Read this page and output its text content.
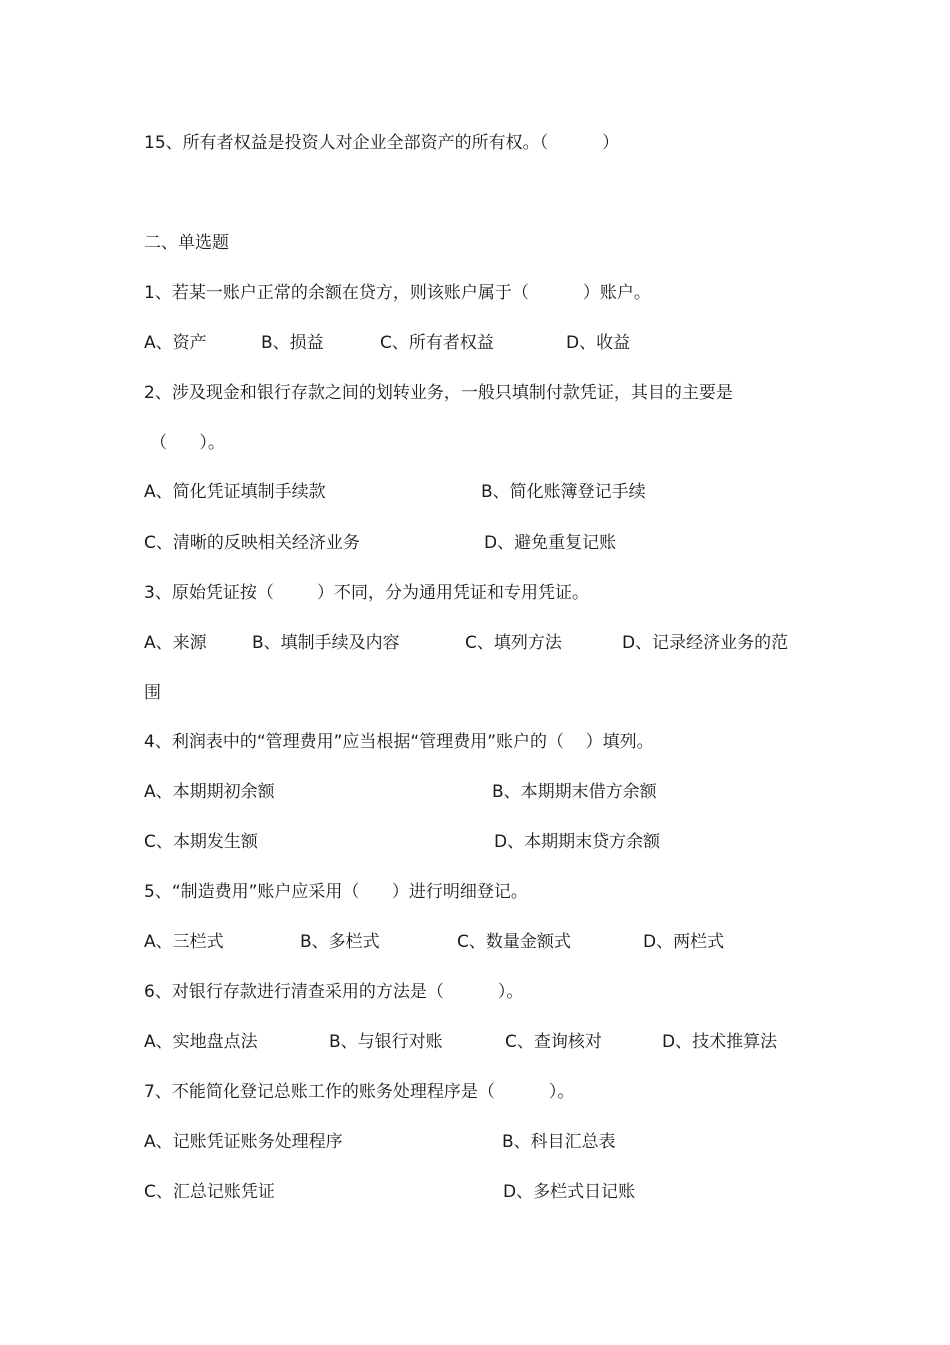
15、所有者权益是投资人对企业全部资产的所有权。（          ）
二、单选题
1、若某一账户正常的余额在贷方，则该账户属于（          ）账户。
A、资产	B、损益	C、所有者权益	D、收益
2、涉及现金和银行存款之间的划转业务，一般只填制付款凭证，其目的主要是
（      ）。
A、简化凭证填制手续款	B、简化账簿登记手续
C、清晰的反映相关经济业务	D、避免重复记账
3、原始凭证按（        ）不同，分为通用凭证和专用凭证。
A、来源	B、填制手续及内容	C、填列方法	D、记录经济业务的范
围
4、利润表中的“管理费用”应当根据“管理费用”账户的（    ）填列。
A、本期期初余额	B、本期期末借方余额
C、本期发生额	D、本期期末贷方余额
5、“制造费用”账户应采用（      ）进行明细登记。
A、三栏式	B、多栏式	C、数量金额式	D、两栏式
6、对银行存款进行清查采用的方法是（          ）。
A、实地盘点法	B、与银行对账	C、查询核对	D、技术推算法
7、不能简化登记总账工作的账务处理程序是（          ）。
A、记账凭证账务处理程序	B、科目汇总表
C、汇总记账凭证	D、多栏式日记账
